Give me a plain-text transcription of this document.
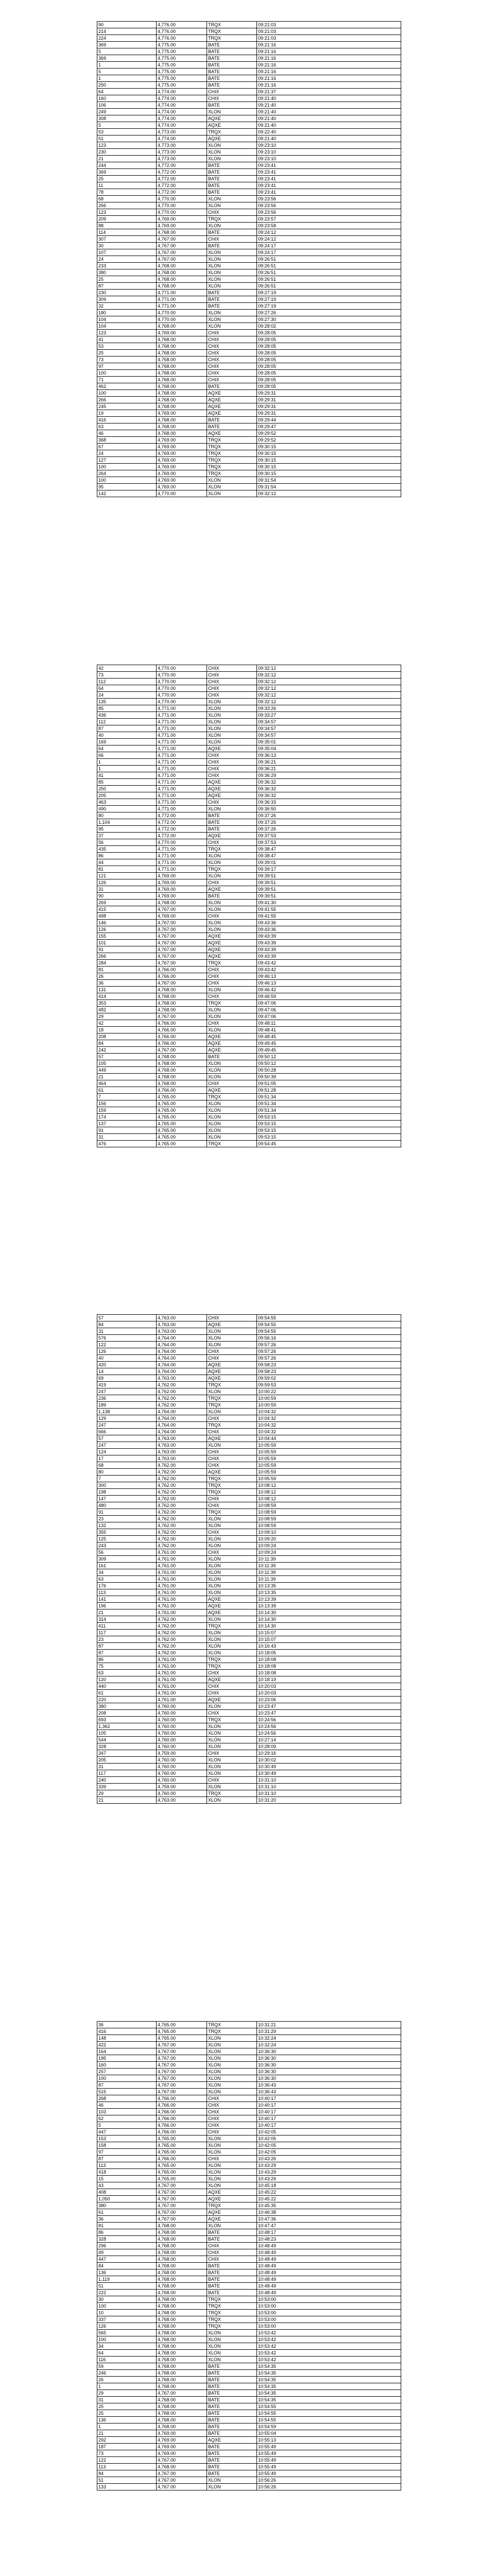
90	4,776.00	TRQX	09:21:03
214	4,776.00	TRQX	09:21:03
224	4,776.00	TRQX	09:21:03
369	4,775.00	BATE	09:21:16
5	4,775.00	BATE	09:21:16
369	4,775.00	BATE	09:21:16
1	4,775.00	BATE	09:21:16
5	4,775.00	BATE	09:21:16
1	4,775.00	BATE	09:21:16
250	4,775.00	BATE	09:21:16
64	4,774.00	CHIX	09:21:37
160	4,774.00	CHIX	09:21:40
106	4,774.00	BATE	09:21:40
249	4,774.00	XLON	09:21:40
308	4,774.00	AQXE	09:21:40
5	4,774.00	AQXE	09:21:40
53	4,773.00	TRQX	09:22:40
51	4,774.00	AQXE	09:21:40
123	4,773.00	XLON	09:23:10
230	4,773.00	XLON	09:23:10
21	4,773.00	XLON	09:23:10
244	4,772.00	BATE	09:23:41
369	4,772.00	BATE	09:23:41
25	4,772.00	BATE	09:23:41
11	4,772.00	BATE	09:23:41
78	4,772.00	BATE	09:23:41
68	4,770.00	XLON	09:23:56
266	4,770.00	XLON	09:23:56
123	4,770.00	CHIX	09:23:56
209	4,769.00	TRQX	09:23:57
88	4,769.00	XLON	09:23:58
114	4,768.00	BATE	09:24:12
307	4,767.00	CHIX	09:24:12
30	4,767.00	BATE	09:24:17
107	4,767.00	XLON	09:24:17
24	4,767.00	XLON	09:26:51
233	4,768.00	XLON	09:26:51
380	4,768.00	XLON	09:26:51
25	4,768.00	XLON	09:26:51
87	4,768.00	XLON	09:26:51
230	4,771.00	BATE	09:27:19
309	4,771.00	BATE	09:27:19
32	4,771.00	BATE	09:27:19
180	4,770.00	XLON	09:27:26
104	4,770.00	XLON	09:27:30
104	4,768.00	XLON	09:28:02
123	4,769.00	CHIX	09:28:05
41	4,768.00	CHIX	09:28:05
53	4,768.00	CHIX	09:28:05
25	4,768.00	CHIX	09:28:05
73	4,768.00	CHIX	09:28:05
97	4,768.00	CHIX	09:28:05
100	4,768.00	CHIX	09:28:05
71	4,768.00	CHIX	09:28:05
462	4,768.00	BATE	09:28:05
100	4,768.00	AQXE	09:29:31
266	4,768.00	AQXE	09:29:31
245	4,768.00	AQXE	09:29:31
19	4,769.00	AQXE	09:29:31
416	4,768.00	BATE	09:29:44
63	4,768.00	BATE	09:29:47
46	4,768.00	AQXE	09:29:52
368	4,769.00	TRQX	09:29:52
67	4,769.00	TRQX	09:30:15
24	4,769.00	TRQX	09:30:15
127	4,769.00	TRQX	09:30:15
100	4,769.00	TRQX	09:30:15
264	4,769.00	TRQX	09:30:15
100	4,769.00	XLON	09:31:54
95	4,769.00	XLON	09:31:54
142	4,770.00	XLON	09:32:12
42	4,770.00	CHIX	09:32:12
73	4,770.00	CHIX	09:32:12
112	4,770.00	CHIX	09:32:12
64	4,770.00	CHIX	09:32:12
24	4,770.00	CHIX	09:32:12
135	4,770.00	XLON	09:32:12
85	4,771.00	XLON	09:33:26
436	4,771.00	XLON	09:33:27
112	4,771.00	XLON	09:34:57
87	4,771.00	XLON	09:34:57
40	4,771.00	XLON	09:34:57
169	4,771.00	XLON	09:35:01
64	4,771.00	AQXE	09:35:04
66	4,771.00	CHIX	09:36:13
1	4,771.00	CHIX	09:36:21
1	4,771.00	CHIX	09:36:21
41	4,771.00	CHIX	09:36:29
85	4,771.00	AQXE	09:36:32
250	4,771.00	AQXE	09:36:32
205	4,771.00	AQXE	09:36:32
463	4,771.00	CHIX	09:36:33
490	4,771.00	XLON	09:36:50
80	4,772.00	BATE	09:37:26
1,104	4,772.00	BATE	09:37:26
95	4,772.00	BATE	09:37:26
37	4,772.00	AQXE	09:37:53
56	4,770.00	CHIX	09:37:53
435	4,771.00	TRQX	09:38:47
86	4,771.00	XLON	09:38:47
44	4,771.00	XLON	09:39:01
81	4,771.00	TRQX	09:39:17
121	4,769.00	XLON	09:39:51
126	4,769.00	CHIX	09:39:51
31	4,769.00	AQXE	09:39:51
90	4,769.00	BATE	09:39:51
269	4,768.00	XLON	09:41:30
415	4,767.00	XLON	09:41:55
498	4,769.00	CHIX	09:41:55
146	4,767.00	XLON	09:43:36
126	4,767.00	XLON	09:43:36
155	4,767.00	AQXE	09:43:39
101	4,767.00	AQXE	09:43:39
91	4,767.00	AQXE	09:43:39
266	4,767.00	AQXE	09:43:39
284	4,767.00	TRQX	09:43:42
81	4,766.00	CHIX	09:43:42
26	4,766.00	CHIX	09:46:13
36	4,767.00	CHIX	09:46:13
131	4,768.00	XLON	09:46:42
414	4,768.00	CHIX	09:46:59
353	4,768.00	TRQX	09:47:06
482	4,768.00	XLON	09:47:06
29	4,767.00	XLON	09:47:06
42	4,766.00	CHIX	09:48:11
18	4,766.00	XLON	09:48:41
208	4,766.00	AQXE	09:48:45
84	4,766.00	AQXE	09:49:45
242	4,767.00	AQXE	09:49:45
57	4,768.00	BATE	09:50:12
105	4,768.00	XLON	09:50:12
449	4,768.00	XLON	09:50:28
21	4,768.00	XLON	09:50:39
464	4,768.00	CHIX	09:51:05
61	4,766.00	AQXE	09:51:28
7	4,765.00	TRQX	09:51:34
156	4,765.00	XLON	09:51:34
159	4,765.00	XLON	09:51:34
174	4,765.00	XLON	09:53:15
137	4,765.00	XLON	09:53:15
91	4,765.00	XLON	09:53:15
31	4,765.00	XLON	09:53:15
476	4,765.00	TRQX	09:54:45
57	4,763.00	CHIX	09:54:55
84	4,763.00	AQXE	09:54:55
31	4,763.00	XLON	09:54:55
576	4,764.00	XLON	09:56:16
122	4,764.00	XLON	09:57:26
126	4,764.00	CHIX	09:57:26
40	4,764.00	CHIX	09:57:26
420	4,764.00	AQXE	09:58:23
14	4,764.00	AQXE	09:58:23
69	4,763.00	AQXE	09:59:02
419	4,762.00	TRQX	09:59:53
247	4,762.00	XLON	10:00:22
236	4,762.00	TRQX	10:00:59
189	4,762.00	TRQX	10:00:59
1,138	4,764.00	XLON	10:04:32
129	4,764.00	CHIX	10:04:32
247	4,764.00	TRQX	10:04:32
666	4,764.00	CHIX	10:04:32
57	4,763.00	AQXE	10:04:44
247	4,763.00	XLON	10:05:59
124	4,763.00	CHIX	10:05:59
17	4,763.00	CHIX	10:05:59
68	4,762.00	CHIX	10:05:59
80	4,762.00	AQXE	10:05:59
7	4,762.00	TRQX	10:05:59
300	4,762.00	TRQX	10:08:12
198	4,762.00	TRQX	10:08:12
147	4,762.00	CHIX	10:08:12
480	4,762.00	CHIX	10:08:59
91	4,762.00	TRQX	10:08:59
23	4,762.00	XLON	10:08:59
132	4,762.00	XLON	10:08:59
355	4,762.00	CHIX	10:09:10
125	4,762.00	XLON	10:09:20
243	4,762.00	XLON	10:09:24
56	4,761.00	CHIX	10:09:24
309	4,761.00	XLON	10:11:39
161	4,761.00	XLON	10:11:39
34	4,761.00	XLON	10:11:39
63	4,761.00	XLON	10:11:39
176	4,761.00	XLON	10:13:35
113	4,761.00	XLON	10:13:35
141	4,761.00	AQXE	10:13:39
196	4,761.00	AQXE	10:13:39
21	4,761.00	AQXE	10:14:30
314	4,762.00	XLON	10:14:30
411	4,762.00	TRQX	10:14:30
117	4,762.00	XLON	10:15:07
23	4,762.00	XLON	10:15:07
87	4,762.00	XLON	10:16:43
87	4,762.00	XLON	10:18:05
86	4,761.00	TRQX	10:18:08
75	4,761.00	TRQX	10:18:08
63	4,761.00	CHIX	10:18:08
120	4,761.00	AQXE	10:18:19
440	4,761.00	CHIX	10:20:03
61	4,761.00	CHIX	10:20:03
220	4,761.00	AQXE	10:23:06
380	4,760.00	XLON	10:23:47
208	4,760.00	CHIX	10:23:47
693	4,760.00	TRQX	10:24:56
1,362	4,760.00	XLON	10:24:56
105	4,760.00	XLON	10:24:56
544	4,760.00	XLON	10:27:14
328	4,760.00	XLON	10:28:09
347	4,759.00	CHIX	10:29:16
205	4,760.00	XLON	10:30:02
31	4,760.00	XLON	10:30:49
117	4,760.00	XLON	10:30:49
240	4,760.00	CHIX	10:31:10
339	4,759.00	XLON	10:31:10
29	4,760.00	TRQX	10:31:10
21	4,763.00	XLON	10:31:20
36	4,765.00	TRQX	10:31:21
416	4,765.00	TRQX	10:31:29
148	4,765.00	XLON	10:32:24
422	4,767.00	XLON	10:32:24
164	4,767.00	XLON	10:36:30
195	4,767.00	XLON	10:36:30
160	4,767.00	XLON	10:36:30
257	4,767.00	XLON	10:36:30
100	4,767.00	XLON	10:36:30
87	4,767.00	XLON	10:36:43
515	4,767.00	XLON	10:36:43
268	4,766.00	CHIX	10:40:17
46	4,766.00	CHIX	10:40:17
103	4,766.00	CHIX	10:40:17
62	4,766.00	CHIX	10:40:17
5	4,766.00	CHIX	10:40:17
447	4,766.00	CHIX	10:42:05
153	4,765.00	XLON	10:42:05
158	4,765.00	XLON	10:42:05
97	4,765.00	XLON	10:42:05
87	4,766.00	CHIX	10:43:26
113	4,765.00	XLON	10:43:29
418	4,765.00	XLON	10:43:29
15	4,765.00	XLON	10:43:29
43	4,767.00	XLON	10:45:18
408	4,767.00	AQXE	10:45:22
1,050	4,767.00	AQXE	10:45:22
380	4,767.00	TRQX	10:45:35
61	4,767.00	AQXE	10:46:38
36	4,767.00	AQXE	10:47:36
81	4,768.00	XLON	10:47:47
86	4,768.00	BATE	10:48:17
328	4,768.00	BATE	10:48:23
296	4,768.00	CHIX	10:48:49
49	4,768.00	CHIX	10:48:49
447	4,768.00	CHIX	10:48:49
84	4,768.00	BATE	10:48:49
136	4,768.00	BATE	10:48:49
1,119	4,768.00	BATE	10:48:49
51	4,768.00	BATE	10:48:49
222	4,768.00	BATE	10:48:49
30	4,768.00	TRQX	10:53:00
100	4,768.00	TRQX	10:53:00
10	4,768.00	TRQX	10:53:00
337	4,768.00	TRQX	10:53:00
126	4,768.00	TRQX	10:53:00
565	4,768.00	XLON	10:53:42
100	4,768.00	XLON	10:53:42
34	4,768.00	XLON	10:53:42
64	4,768.00	XLON	10:53:42
116	4,768.00	XLON	10:53:42
59	4,768.00	BATE	10:54:35
246	4,768.00	BATE	10:54:35
26	4,768.00	BATE	10:54:35
1	4,768.00	BATE	10:54:35
29	4,767.00	BATE	10:54:35
31	4,768.00	BATE	10:54:35
25	4,768.00	BATE	10:54:55
25	4,768.00	BATE	10:54:55
136	4,768.00	BATE	10:54:55
1	4,768.00	BATE	10:54:59
21	4,769.00	BATE	10:55:04
292	4,769.00	AQXE	10:55:13
187	4,769.00	BATE	10:55:49
73	4,769.00	BATE	10:55:49
122	4,767.00	BATE	10:55:49
113	4,768.00	BATE	10:55:49
84	4,767.00	BATE	10:55:49
51	4,767.00	XLON	10:56:26
133	4,767.00	XLON	10:56:26
